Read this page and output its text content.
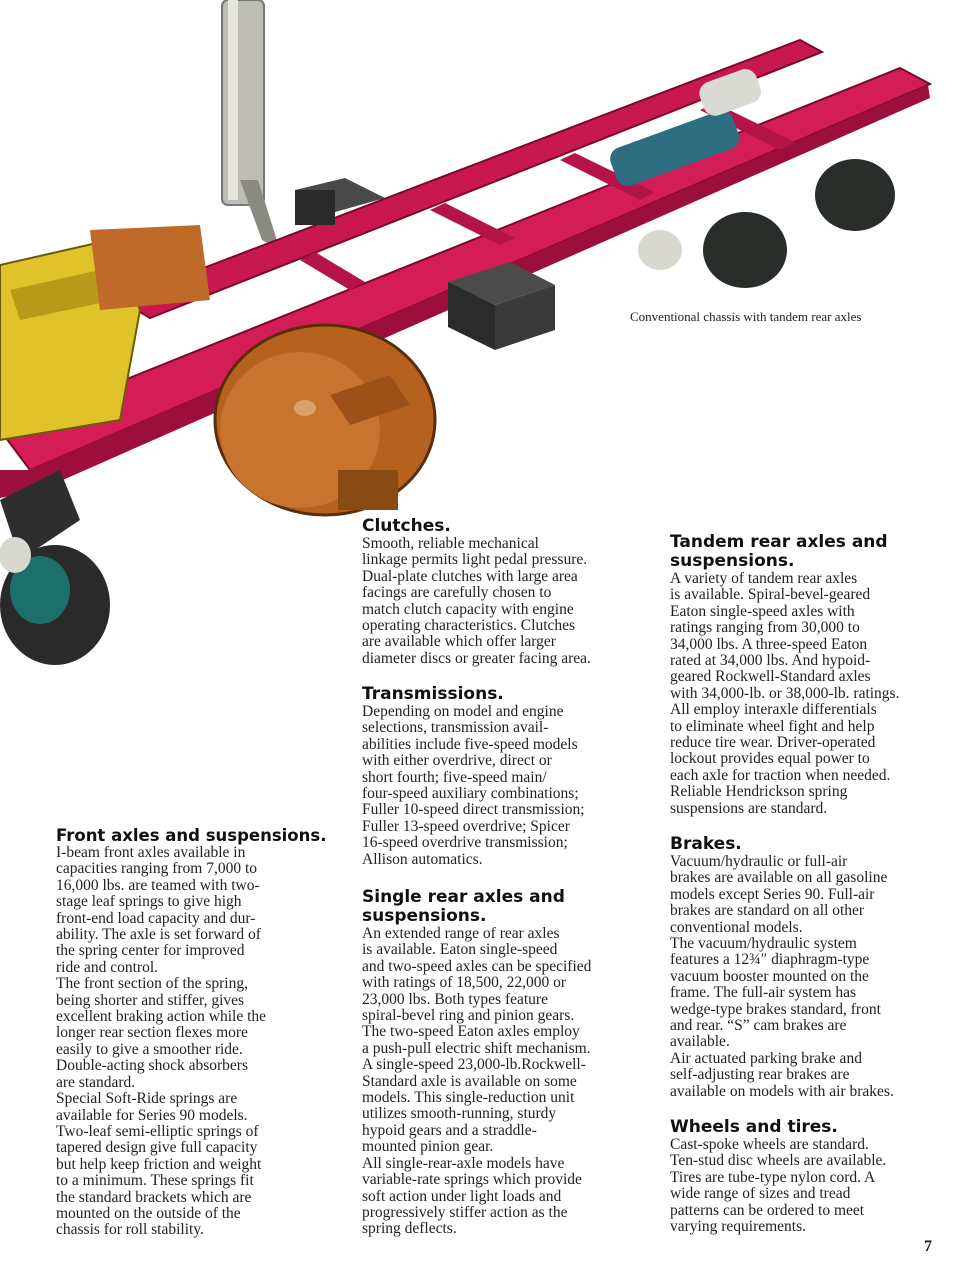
Conventional chassis with tandem rear axles
Front axles and suspensions.

I-beam front axles available in
capacities ranging from 7,000 to
16,000 lbs. are teamed with two-
stage leaf springs to give high
front-end load capacity and dur-
ability. The axle is set forward of
the spring center for improved
ride and control.
The front section of the spring,
being shorter and stiffer, gives
excellent braking action while the
longer rear section flexes more
easily to give a smoother ride.
Double-acting shock absorbers
are standard.
Special Soft-Ride springs are
available for Series 90 models.
Two-leaf semi-elliptic springs of
tapered design give full capacity
but help keep friction and weight
to a minimum. These springs fit
the standard brackets which are
mounted on the outside of the
chassis for roll stability.

Clutches.

Smooth, reliable mechanical
linkage permits light pedal pressure.
Dual-plate clutches with large area
facings are carefully chosen to
match clutch capacity with engine
operating characteristics. Clutches
are available which offer larger
diameter discs or greater facing area.

Transmissions.

Depending on model and engine
selections, transmission avail-
abilities include five-speed models
with either overdrive, direct or
short fourth; five-speed main/
four-speed auxiliary combinations;
Fuller 10-speed direct transmission;
Fuller 13-speed overdrive; Spicer
16-speed overdrive transmission;
Allison automatics.

Single rear axles and suspensions.

An extended range of rear axles
is available. Eaton single-speed
and two-speed axles can be specified
with ratings of 18,500, 22,000 or
23,000 lbs. Both types feature
spiral-bevel ring and pinion gears.
The two-speed Eaton axles employ
a push-pull electric shift mechanism.
A single-speed 23,000-lb.Rockwell-
Standard axle is available on some
models. This single-reduction unit
utilizes smooth-running, sturdy
hypoid gears and a straddle-
mounted pinion gear.
All single-rear-axle models have
variable-rate springs which provide
soft action under light loads and
progressively stiffer action as the
spring deflects.

Tandem rear axles and suspensions.

A variety of tandem rear axles
is available. Spiral-bevel-geared
Eaton single-speed axles with
ratings ranging from 30,000 to
34,000 lbs. A three-speed Eaton
rated at 34,000 lbs. And hypoid-
geared Rockwell-Standard axles
with 34,000-lb. or 38,000-lb. ratings.
All employ interaxle differentials
to eliminate wheel fight and help
reduce tire wear. Driver-operated
lockout provides equal power to
each axle for traction when needed.
Reliable Hendrickson spring
suspensions are standard.

Brakes.

Vacuum/hydraulic or full-air
brakes are available on all gasoline
models except Series 90. Full-air
brakes are standard on all other
conventional models.
The vacuum/hydraulic system
features a 12¾″ diaphragm-type
vacuum booster mounted on the
frame. The full-air system has
wedge-type brakes standard, front
and rear. “S” cam brakes are
available.
Air actuated parking brake and
self-adjusting rear brakes are
available on models with air brakes.

Wheels and tires.

Cast-spoke wheels are standard.
Ten-stud disc wheels are available.
Tires are tube-type nylon cord. A
wide range of sizes and tread
patterns can be ordered to meet
varying requirements.

7
